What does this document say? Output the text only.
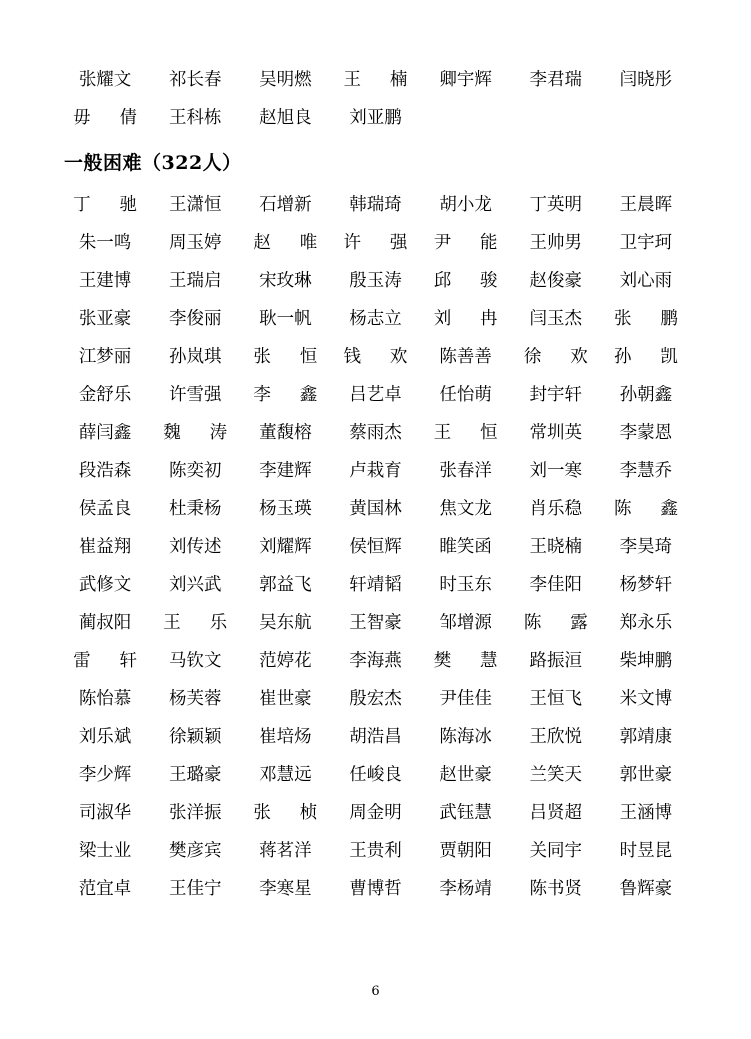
张耀文	祁长春	吴明燃	王楠	卿宇辉	李君瑞	闫晓彤
毋倩	王科栋	赵旭良	刘亚鹏			
一般困难（322人）
丁驰	王潇恒	石增新	韩瑞琦	胡小龙	丁英明	王晨晖
朱一鸣	周玉婷	赵唯	许强	尹能	王帅男	卫宇珂
王建博	王瑞启	宋玫琳	殷玉涛	邱骏	赵俊豪	刘心雨
张亚豪	李俊丽	耿一帆	杨志立	刘冉	闫玉杰	张鹏
江梦丽	孙岚琪	张恒	钱欢	陈善善	徐欢	孙凯
金舒乐	许雪强	李鑫	吕艺卓	任怡萌	封宇轩	孙朝鑫
薛闫鑫	魏涛	董馥榕	蔡雨杰	王恒	常圳英	李蒙恩
段浩森	陈奕初	李建辉	卢栽育	张春洋	刘一寒	李慧乔
侯孟良	杜秉杨	杨玉瑛	黄国林	焦文龙	肖乐稳	陈鑫
崔益翔	刘传述	刘耀辉	侯恒辉	睢笑函	王晓楠	李昊琦
武修文	刘兴武	郭益飞	轩靖韬	时玉东	李佳阳	杨梦轩
蔺叔阳	王乐	吴东航	王智豪	邹增源	陈露	郑永乐
雷轩	马钦文	范婷花	李海燕	樊慧	路振洹	柴坤鹏
陈怡慕	杨芙蓉	崔世豪	殷宏杰	尹佳佳	王恒飞	米文博
刘乐斌	徐颖颖	崔培炀	胡浩昌	陈海冰	王欣悦	郭靖康
李少辉	王璐豪	邓慧远	任峻良	赵世豪	兰笑天	郭世豪
司淑华	张洋振	张桢	周金明	武钰慧	吕贤超	王涵博
梁士业	樊彦宾	蒋茗洋	王贵利	贾朝阳	关同宇	时昱昆
范宜卓	王佳宁	李寒星	曹博哲	李杨靖	陈书贤	鲁辉豪
6
